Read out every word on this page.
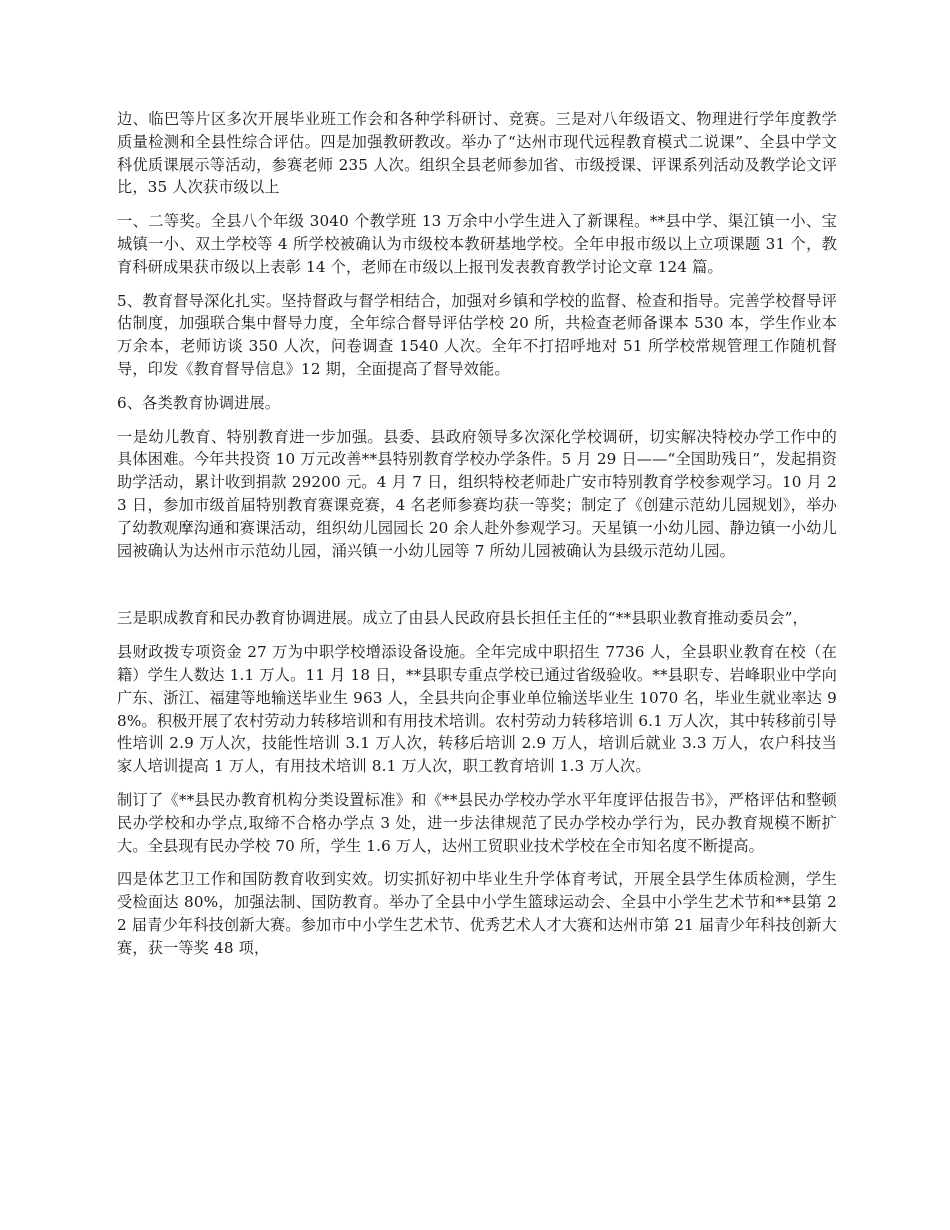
边、临巴等片区多次开展毕业班工作会和各种学科研讨、竞赛。三是对八年级语文、物理进行学年度教学质量检测和全县性综合评估。四是加强教研教改。举办了“达州市现代远程教育模式二说课”、全县中学文科优质课展示等活动，参赛老师 235 人次。组织全县老师参加省、市级授课、评课系列活动及教学论文评比，35 人次获市级以上

一、二等奖。全县八个年级 3040 个教学班 13 万余中小学生进入了新课程。**县中学、渠江镇一小、宝城镇一小、双土学校等 4 所学校被确认为市级校本教研基地学校。全年申报市级以上立项课题 31 个，教育科研成果获市级以上表彰 14 个，老师在市级以上报刊发表教育教学讨论文章 124 篇。

5、教育督导深化扎实。坚持督政与督学相结合，加强对乡镇和学校的监督、检查和指导。完善学校督导评估制度，加强联合集中督导力度，全年综合督导评估学校 20 所，共检查老师备课本 530 本，学生作业本万余本，老师访谈 350 人次，问卷调查 1540 人次。全年不打招呼地对 51 所学校常规管理工作随机督导，印发《教育督导信息》12 期，全面提高了督导效能。

6、各类教育协调进展。

一是幼儿教育、特别教育进一步加强。县委、县政府领导多次深化学校调研，切实解决特校办学工作中的具体困难。今年共投资 10 万元改善**县特别教育学校办学条件。5 月 29 日——“全国助残日”，发起捐资助学活动，累计收到捐款 29200 元。4 月 7 日，组织特校老师赴广安市特别教育学校参观学习。10 月 23 日，参加市级首届特别教育赛课竞赛，4 名老师参赛均获一等奖；制定了《创建示范幼儿园规划》，举办了幼教观摩沟通和赛课活动，组织幼儿园园长 20 余人赴外参观学习。天星镇一小幼儿园、静边镇一小幼儿园被确认为达州市示范幼儿园，涌兴镇一小幼儿园等 7 所幼儿园被确认为县级示范幼儿园。

三是职成教育和民办教育协调进展。成立了由县人民政府县长担任主任的“**县职业教育推动委员会”，

县财政拨专项资金 27 万为中职学校增添设备设施。全年完成中职招生 7736 人，全县职业教育在校（在籍）学生人数达 1.1 万人。11 月 18 日，**县职专重点学校已通过省级验收。**县职专、岩峰职业中学向广东、浙江、福建等地输送毕业生 963 人，全县共向企事业单位输送毕业生 1070 名，毕业生就业率达 98%。积极开展了农村劳动力转移培训和有用技术培训。农村劳动力转移培训 6.1 万人次，其中转移前引导性培训 2.9 万人次，技能性培训 3.1 万人次，转移后培训 2.9 万人，培训后就业 3.3 万人，农户科技当家人培训提高 1 万人，有用技术培训 8.1 万人次，职工教育培训 1.3 万人次。

制订了《**县民办教育机构分类设置标准》和《**县民办学校办学水平年度评估报告书》，严格评估和整顿民办学校和办学点,取缔不合格办学点 3 处，进一步法律规范了民办学校办学行为，民办教育规模不断扩大。全县现有民办学校 70 所，学生 1.6 万人，达州工贸职业技术学校在全市知名度不断提高。

四是体艺卫工作和国防教育收到实效。切实抓好初中毕业生升学体育考试，开展全县学生体质检测，学生受检面达 80%，加强法制、国防教育。举办了全县中小学生篮球运动会、全县中小学生艺术节和**县第 22 届青少年科技创新大赛。参加市中小学生艺术节、优秀艺术人才大赛和达州市第 21 届青少年科技创新大赛，获一等奖 48 项，
